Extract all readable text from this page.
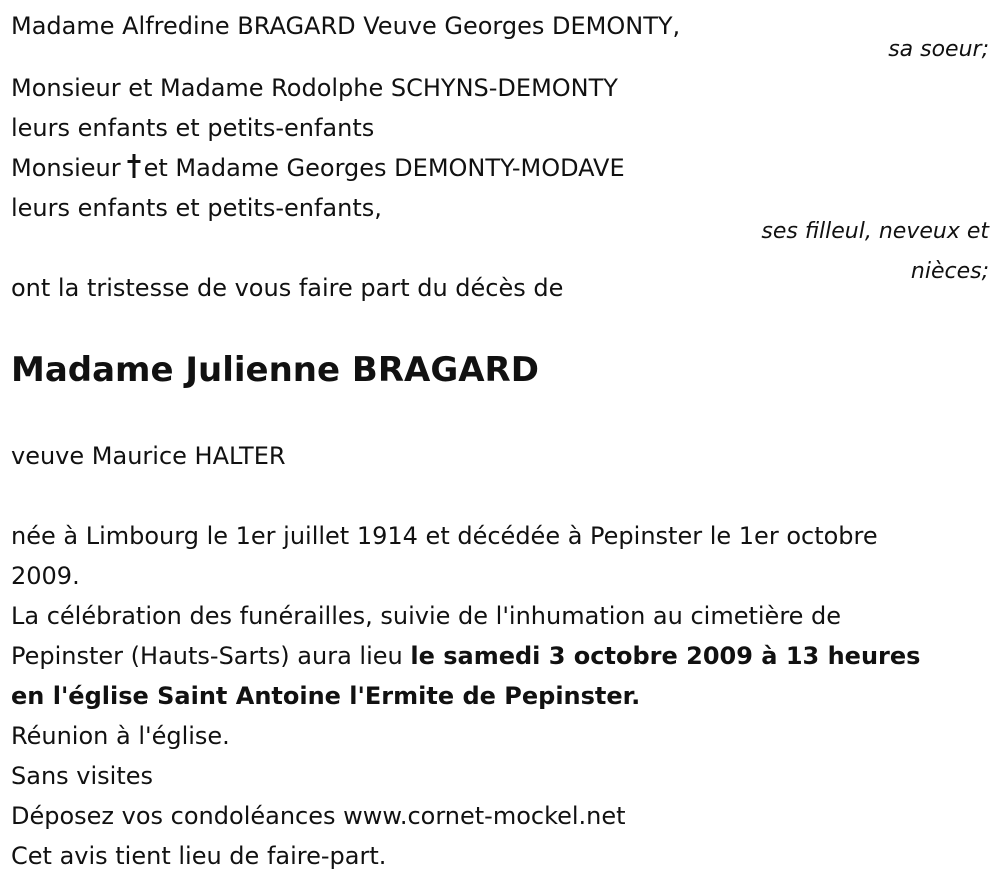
Madame Alfredine BRAGARD Veuve Georges DEMONTY,
sa soeur;
Monsieur et Madame Rodolphe SCHYNS-DEMONTY
leurs enfants et petits-enfants
Monsieur et Madame Georges DEMONTY-MODAVE
leurs enfants et petits-enfants,
ses filleul, neveux et
nièces;
ont la tristesse de vous faire part du décès de
Madame Julienne BRAGARD
veuve Maurice HALTER
née à Limbourg le 1er juillet 1914 et décédée à Pepinster le 1er octobre
2009.
La célébration des funérailles, suivie de l'inhumation au cimetière de
Pepinster (Hauts-Sarts) aura lieu le samedi 3 octobre 2009 à 13 heures
en l'église Saint Antoine l'Ermite de Pepinster.
Réunion à l'église.
Sans visites
Déposez vos condoléances www.cornet-mockel.net
Cet avis tient lieu de faire-part.
